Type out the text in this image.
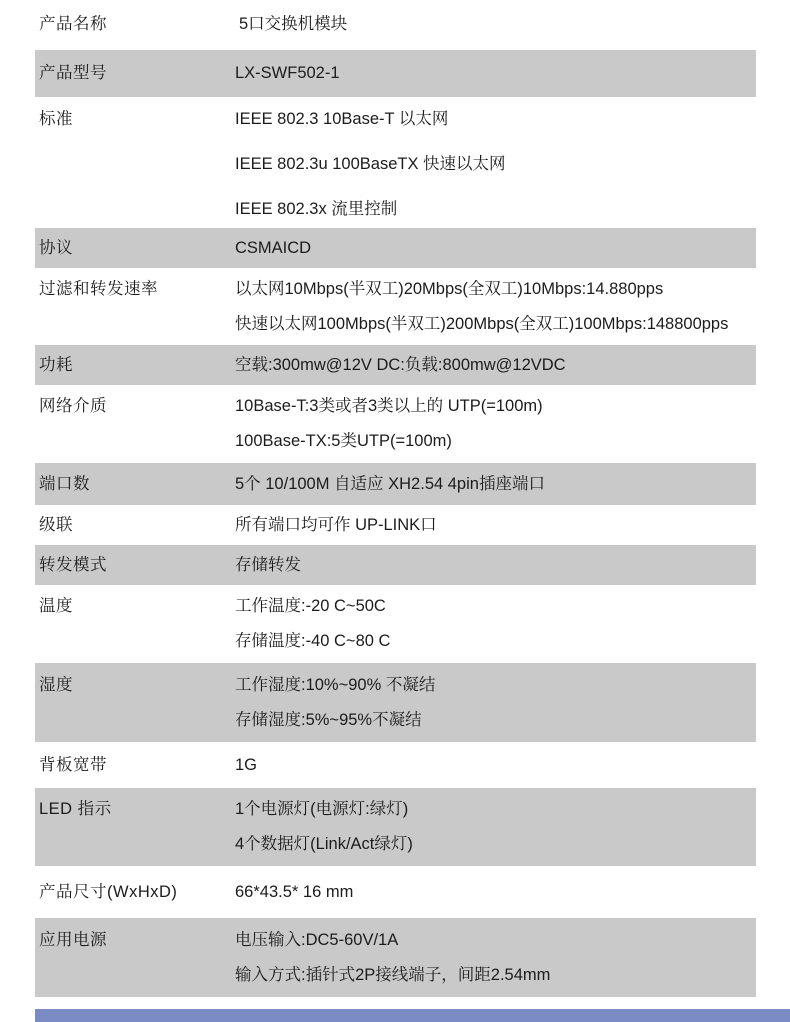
产品名称	5口交换机模块
产品型号	LX-SWF502-1
标准	IEEE 802.3 10Base-T 以太网
IEEE 802.3u 100BaseTX 快速以太网
IEEE 802.3x 流里控制
协议	CSMAICD
过滤和转发速率	以太网10Mbps(半双工)20Mbps(全双工)10Mbps:14.880pps
快速以太网100Mbps(半双工)200Mbps(全双工)100Mbps:148800pps
功耗	空载:300mw@12V DC:负载:800mw@12VDC
网络介质	10Base-T:3类或者3类以上的 UTP(=100m)
100Base-TX:5类UTP(=100m)
端口数	5个 10/100M 自适应 XH2.54 4pin插座端口
级联	所有端口均可作 UP-LINK口
转发模式	存储转发
温度	工作温度:-20 C~50C
存储温度:-40 C~80 C
湿度	工作湿度:10%~90% 不凝结
存储湿度:5%~95%不凝结
背板宽带	1G
LED 指示	1个电源灯(电源灯:绿灯)
4个数据灯(Link/Act绿灯)
产品尺寸(WxHxD)	66*43.5* 16 mm
应用电源	电压输入:DC5-60V/1A
输入方式:插针式2P接线端子，间距2.54mm
